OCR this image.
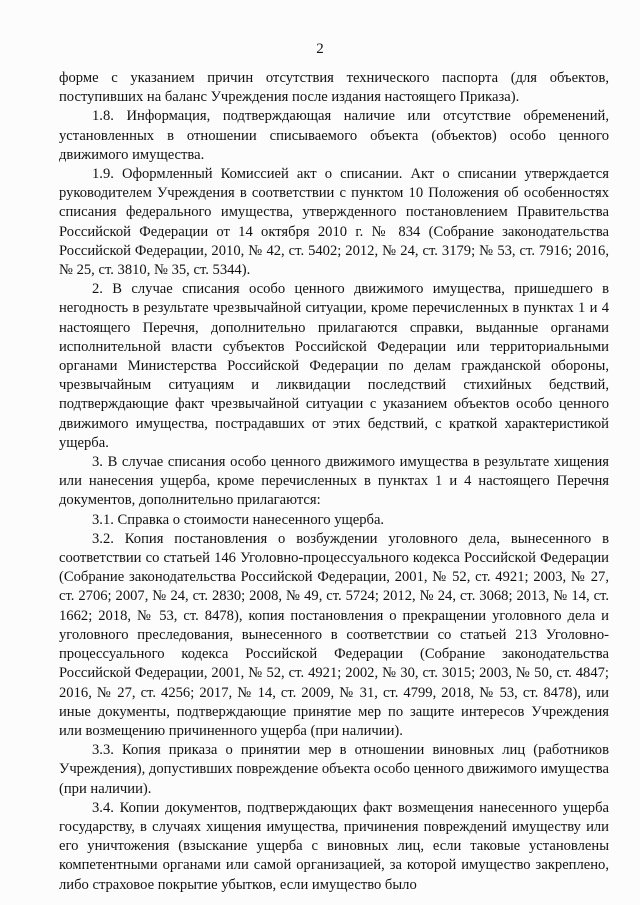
2

форме с указанием причин отсутствия технического паспорта (для объектов, поступивших на баланс Учреждения после издания настоящего Приказа).

1.8. Информация, подтверждающая наличие или отсутствие обременений, установленных в отношении списываемого объекта (объектов) особо ценного движимого имущества.

1.9. Оформленный Комиссией акт о списании. Акт о списании утверждается руководителем Учреждения в соответствии с пунктом 10 Положения об особенностях списания федерального имущества, утвержденного постановлением Правительства Российской Федерации от 14 октября 2010 г. № 834 (Собрание законодательства Российской Федерации, 2010, № 42, ст. 5402; 2012, № 24, ст. 3179; № 53, ст. 7916; 2016, № 25, ст. 3810, № 35, ст. 5344).

2. В случае списания особо ценного движимого имущества, пришедшего в негодность в результате чрезвычайной ситуации, кроме перечисленных в пунктах 1 и 4 настоящего Перечня, дополнительно прилагаются справки, выданные органами исполнительной власти субъектов Российской Федерации или территориальными органами Министерства Российской Федерации по делам гражданской обороны, чрезвычайным ситуациям и ликвидации последствий стихийных бедствий, подтверждающие факт чрезвычайной ситуации с указанием объектов особо ценного движимого имущества, пострадавших от этих бедствий, с краткой характеристикой ущерба.

3. В случае списания особо ценного движимого имущества в результате хищения или нанесения ущерба, кроме перечисленных в пунктах 1 и 4 настоящего Перечня документов, дополнительно прилагаются:

3.1. Справка о стоимости нанесенного ущерба.

3.2. Копия постановления о возбуждении уголовного дела, вынесенного в соответствии со статьей 146 Уголовно-процессуального кодекса Российской Федерации (Собрание законодательства Российской Федерации, 2001, № 52, ст. 4921; 2003, № 27, ст. 2706; 2007, № 24, ст. 2830; 2008, № 49, ст. 5724; 2012, № 24, ст. 3068; 2013, № 14, ст. 1662; 2018, № 53, ст. 8478), копия постановления о прекращении уголовного дела и уголовного преследования, вынесенного в соответствии со статьей 213 Уголовно-процессуального кодекса Российской Федерации (Собрание законодательства Российской Федерации, 2001, № 52, ст. 4921; 2002, № 30, ст. 3015; 2003, № 50, ст. 4847; 2016, № 27, ст. 4256; 2017, № 14, ст. 2009, № 31, ст. 4799, 2018, № 53, ст. 8478), или иные документы, подтверждающие принятие мер по защите интересов Учреждения или возмещению причиненного ущерба (при наличии).

3.3. Копия приказа о принятии мер в отношении виновных лиц (работников Учреждения), допустивших повреждение объекта особо ценного движимого имущества (при наличии).

3.4. Копии документов, подтверждающих факт возмещения нанесенного ущерба государству, в случаях хищения имущества, причинения повреждений имуществу или его уничтожения (взыскание ущерба с виновных лиц, если таковые установлены компетентными органами или самой организацией, за которой имущество закреплено, либо страховое покрытие убытков, если имущество было
